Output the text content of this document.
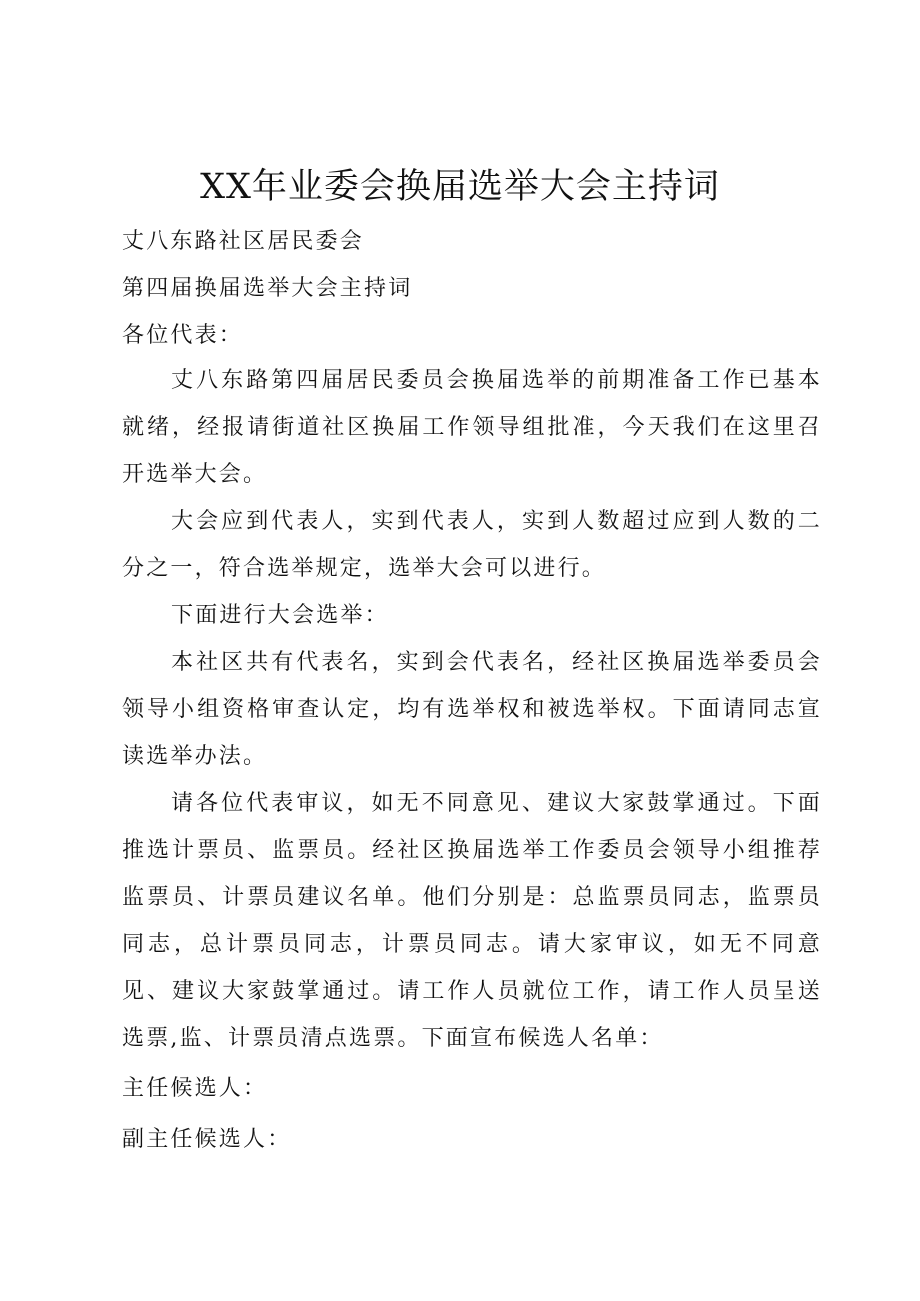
XX年业委会换届选举大会主持词

丈八东路社区居民委会

第四届换届选举大会主持词

各位代表：

丈八东路第四届居民委员会换届选举的前期准备工作已基本就绪，经报请街道社区换届工作领导组批准，今天我们在这里召开选举大会。

大会应到代表人，实到代表人，实到人数超过应到人数的二分之一，符合选举规定，选举大会可以进行。

下面进行大会选举：

本社区共有代表名，实到会代表名，经社区换届选举委员会领导小组资格审查认定，均有选举权和被选举权。下面请同志宣读选举办法。

请各位代表审议，如无不同意见、建议大家鼓掌通过。下面推选计票员、监票员。经社区换届选举工作委员会领导小组推荐监票员、计票员建议名单。他们分别是：总监票员同志，监票员同志，总计票员同志，计票员同志。请大家审议，如无不同意见、建议大家鼓掌通过。请工作人员就位工作，请工作人员呈送选票,监、计票员清点选票。下面宣布候选人名单：

主任候选人：

副主任候选人：
